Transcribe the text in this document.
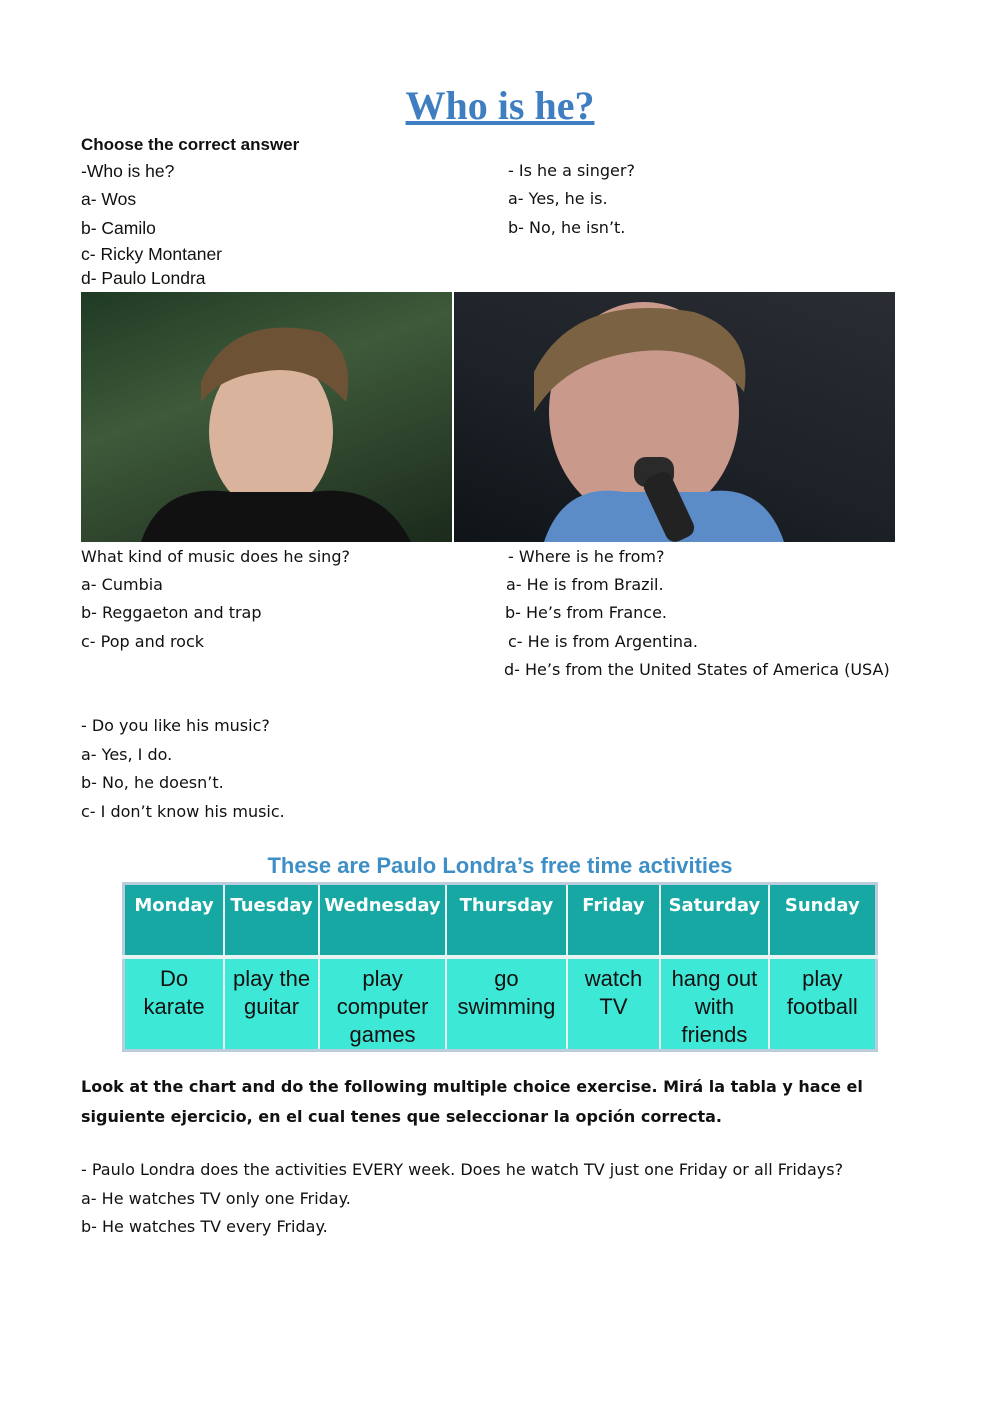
Who is he?
Choose the correct answer
-Who is he?
a- Wos
b- Camilo
c- Ricky Montaner
d- Paulo Londra
- Is he a singer?
a- Yes, he is.
b- No, he isn’t.
What kind of music does he sing?
a- Cumbia
b- Reggaeton and trap
c- Pop and rock
- Where is he from?
a- He is from Brazil.
b- He’s from France.
c- He is from Argentina.
d- He’s from the United States of America (USA)
- Do you like his music?
a- Yes, I do.
b- No, he doesn’t.
c- I don’t know his music.
These are Paulo Londra’s free time activities
Monday	Tuesday	Wednesday	Thursday	Friday	Saturday	Sunday
Do karate	play the guitar	play computer games	go swimming	watch TV	hang out with friends	play football
Look at the chart and do the following multiple choice exercise. Mirá la tabla y hace el siguiente ejercicio, en el cual tenes que seleccionar la opción correcta.
- Paulo Londra does the activities EVERY week. Does he watch TV just one Friday or all Fridays?
a- He watches TV only one Friday.
b- He watches TV every Friday.
